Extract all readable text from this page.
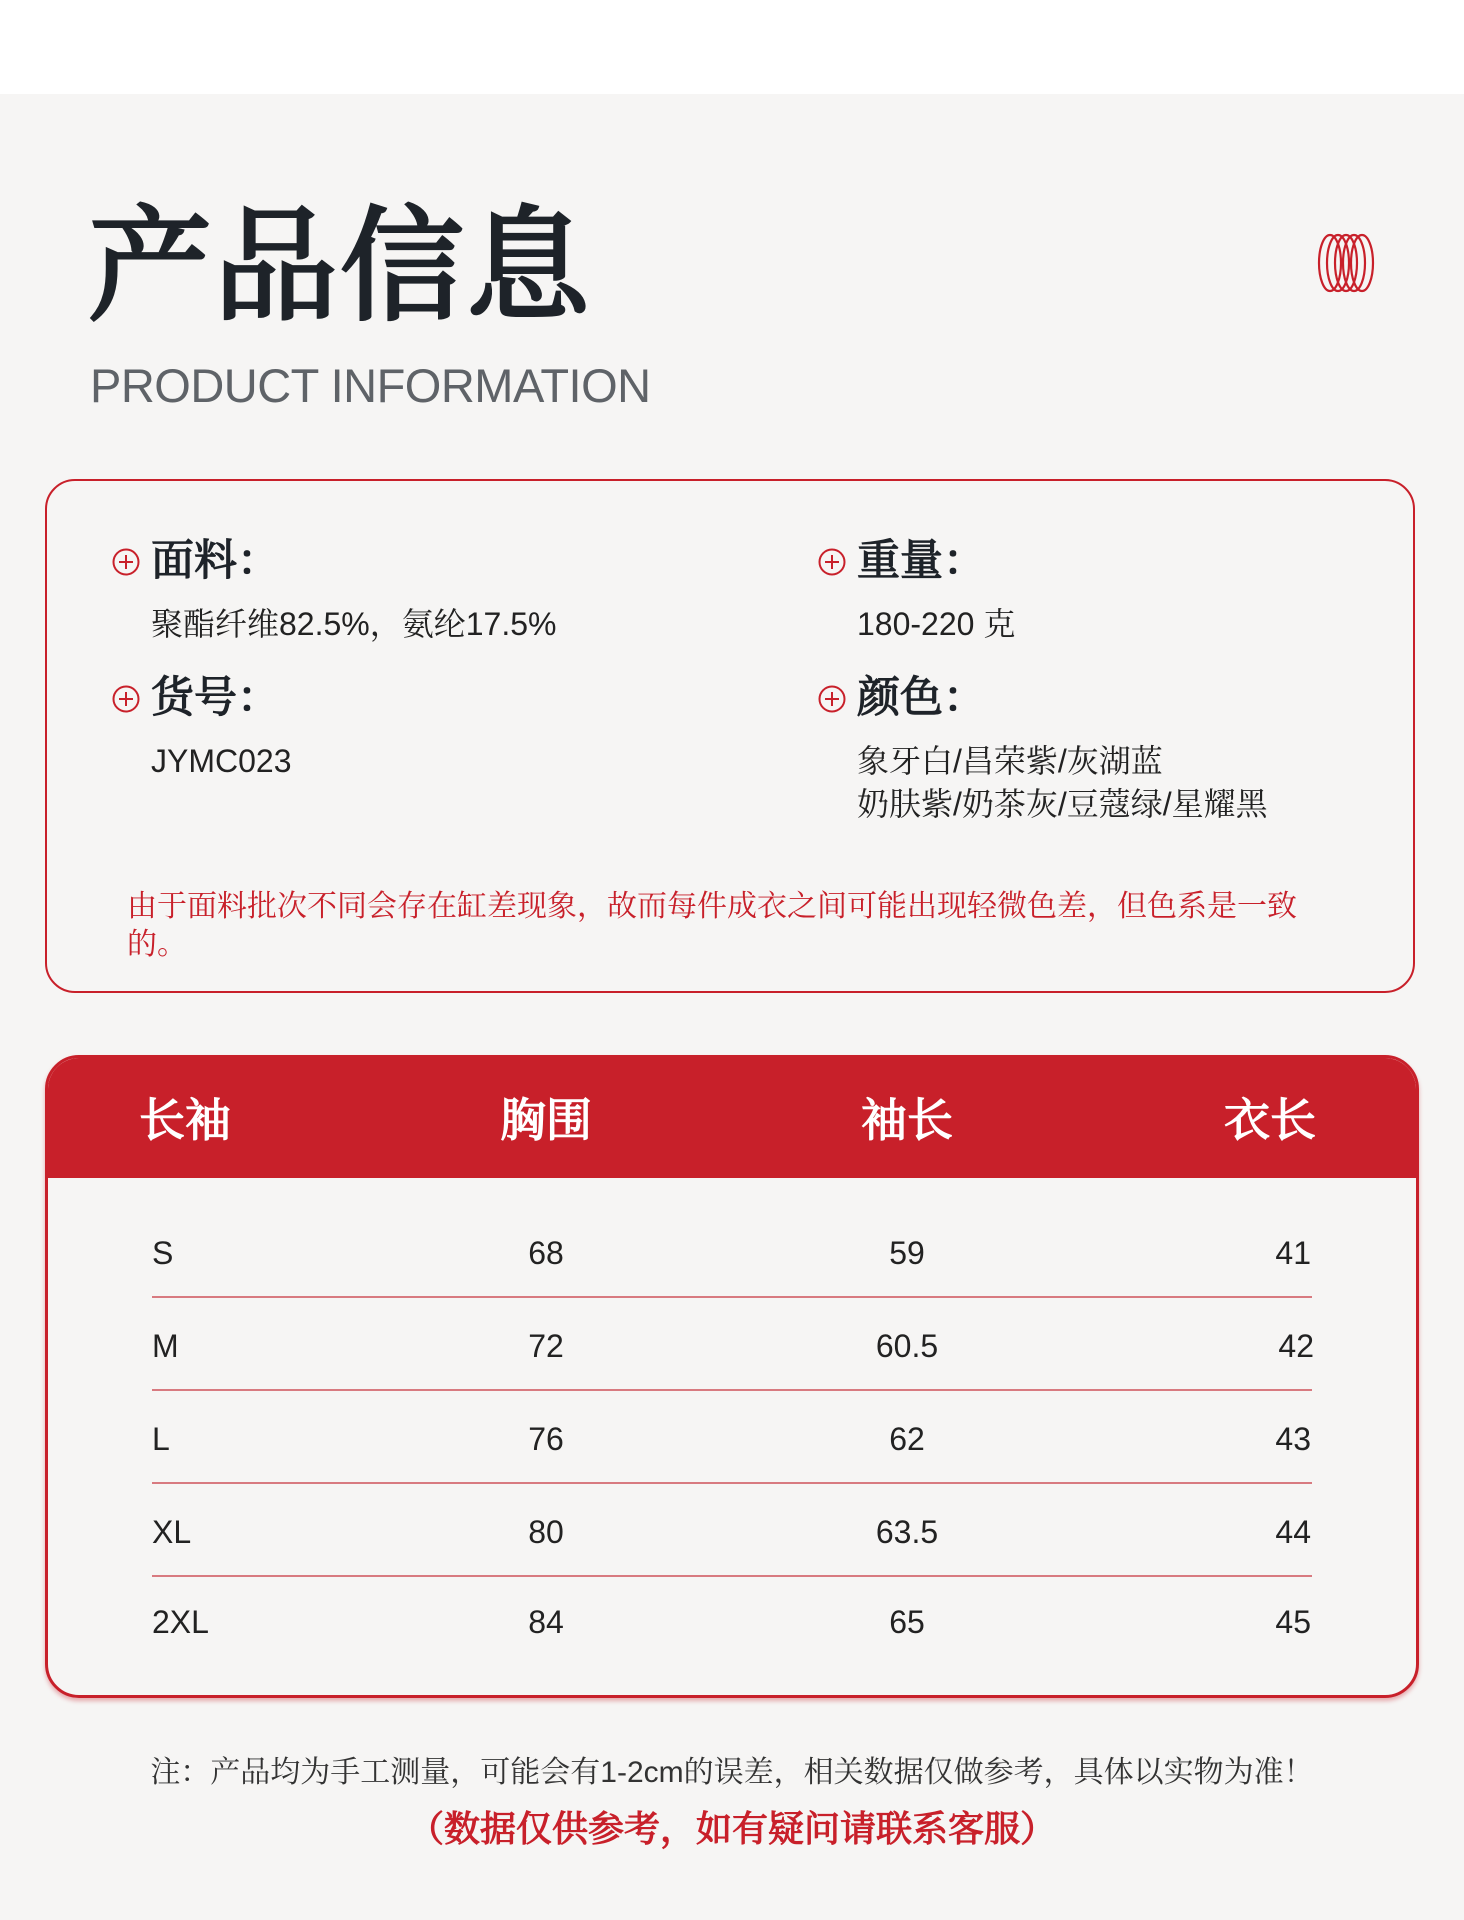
产品信息
PRODUCT INFORMATION
面料：
聚酯纤维82.5%，氨纶17.5%
重量：
180-220 克
货号：
JYMC023
颜色：
象牙白/昌荣紫/灰湖蓝
奶肤紫/奶茶灰/豆蔻绿/星耀黑
由于面料批次不同会存在缸差现象，故而每件成衣之间可能出现轻微色差，但色系是一致的。
长袖	胸围	袖长	衣长
S	68	59	41
M	72	60.5	42
L	76	62	43
XL	80	63.5	44
2XL	84	65	45
注：产品均为手工测量，可能会有1-2cm的误差，相关数据仅做参考，具体以实物为准！
（数据仅供参考，如有疑问请联系客服）
